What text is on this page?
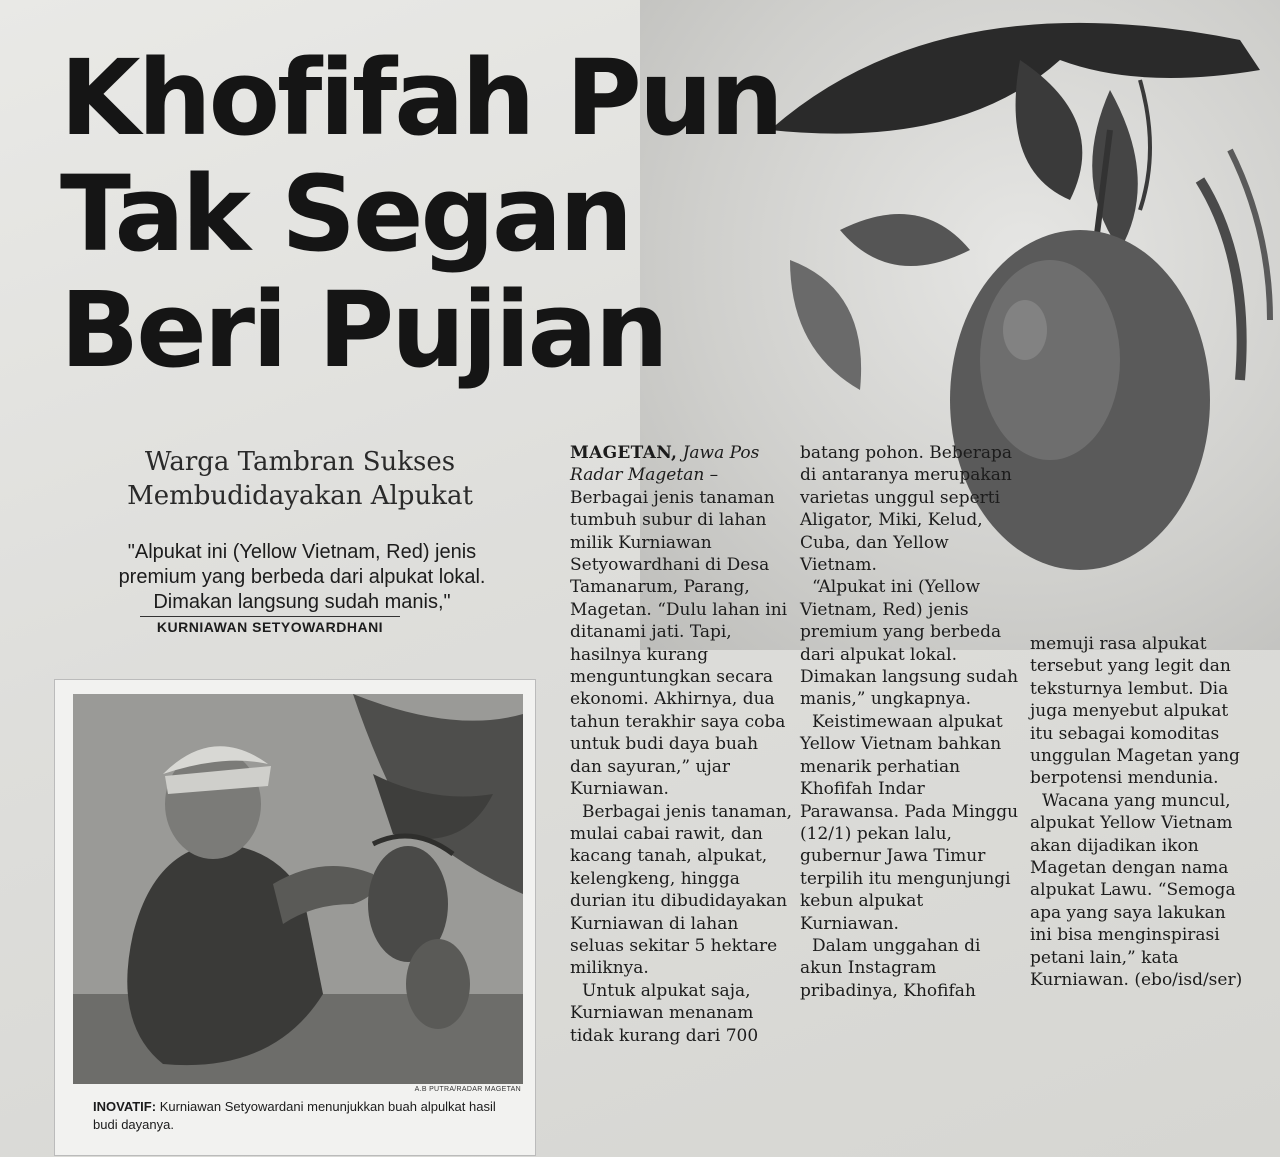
Khofifah Pun
Tak Segan
Beri Pujian
Warga Tambran Sukses
Membudidayakan Alpukat
"Alpukat ini (Yellow Vietnam, Red) jenis
premium yang berbeda dari alpukat lokal.
Dimakan langsung sudah manis,"
KURNIAWAN SETYOWARDHANI
A.B PUTRA/RADAR MAGETAN
INOVATIF: Kurniawan Setyowardani menunjukkan buah alpulkat hasil budi dayanya.

MAGETAN, Jawa Pos Radar Magetan – Berbagai jenis tanaman tumbuh subur di lahan milik Kurniawan Setyowardhani di Desa Tamanarum, Parang, Magetan. “Dulu lahan ini ditanami jati. Tapi, hasilnya kurang menguntungkan secara ekonomi. Akhirnya, dua tahun terakhir saya coba untuk budi daya buah dan sayuran,” ujar Kurniawan.

Berbagai jenis tanaman, mulai cabai rawit, dan kacang tanah, alpukat, kelengkeng, hingga durian itu dibudidayakan Kurniawan di lahan seluas sekitar 5 hektare miliknya.

Untuk alpukat saja, Kurniawan menanam tidak kurang dari 700

batang pohon. Beberapa di antaranya merupakan varietas unggul seperti Aligator, Miki, Kelud, Cuba, dan Yellow Vietnam.

“Alpukat ini (Yellow Vietnam, Red) jenis premium yang berbeda dari alpukat lokal. Dimakan langsung sudah manis,” ungkapnya.

Keistimewaan alpukat Yellow Vietnam bahkan menarik perhatian Khofifah Indar Parawansa. Pada Minggu (12/1) pekan lalu, gubernur Jawa Timur terpilih itu mengunjungi kebun alpukat Kurniawan.

Dalam unggahan di akun Instagram pribadinya, Khofifah

memuji rasa alpukat tersebut yang legit dan teksturnya lembut. Dia juga menyebut alpukat itu sebagai komoditas unggulan Magetan yang berpotensi mendunia.

Wacana yang muncul, alpukat Yellow Vietnam akan dijadikan ikon Magetan dengan nama alpukat Lawu. “Semoga apa yang saya lakukan ini bisa menginspirasi petani lain,” kata Kurniawan. (ebo/isd/ser)
